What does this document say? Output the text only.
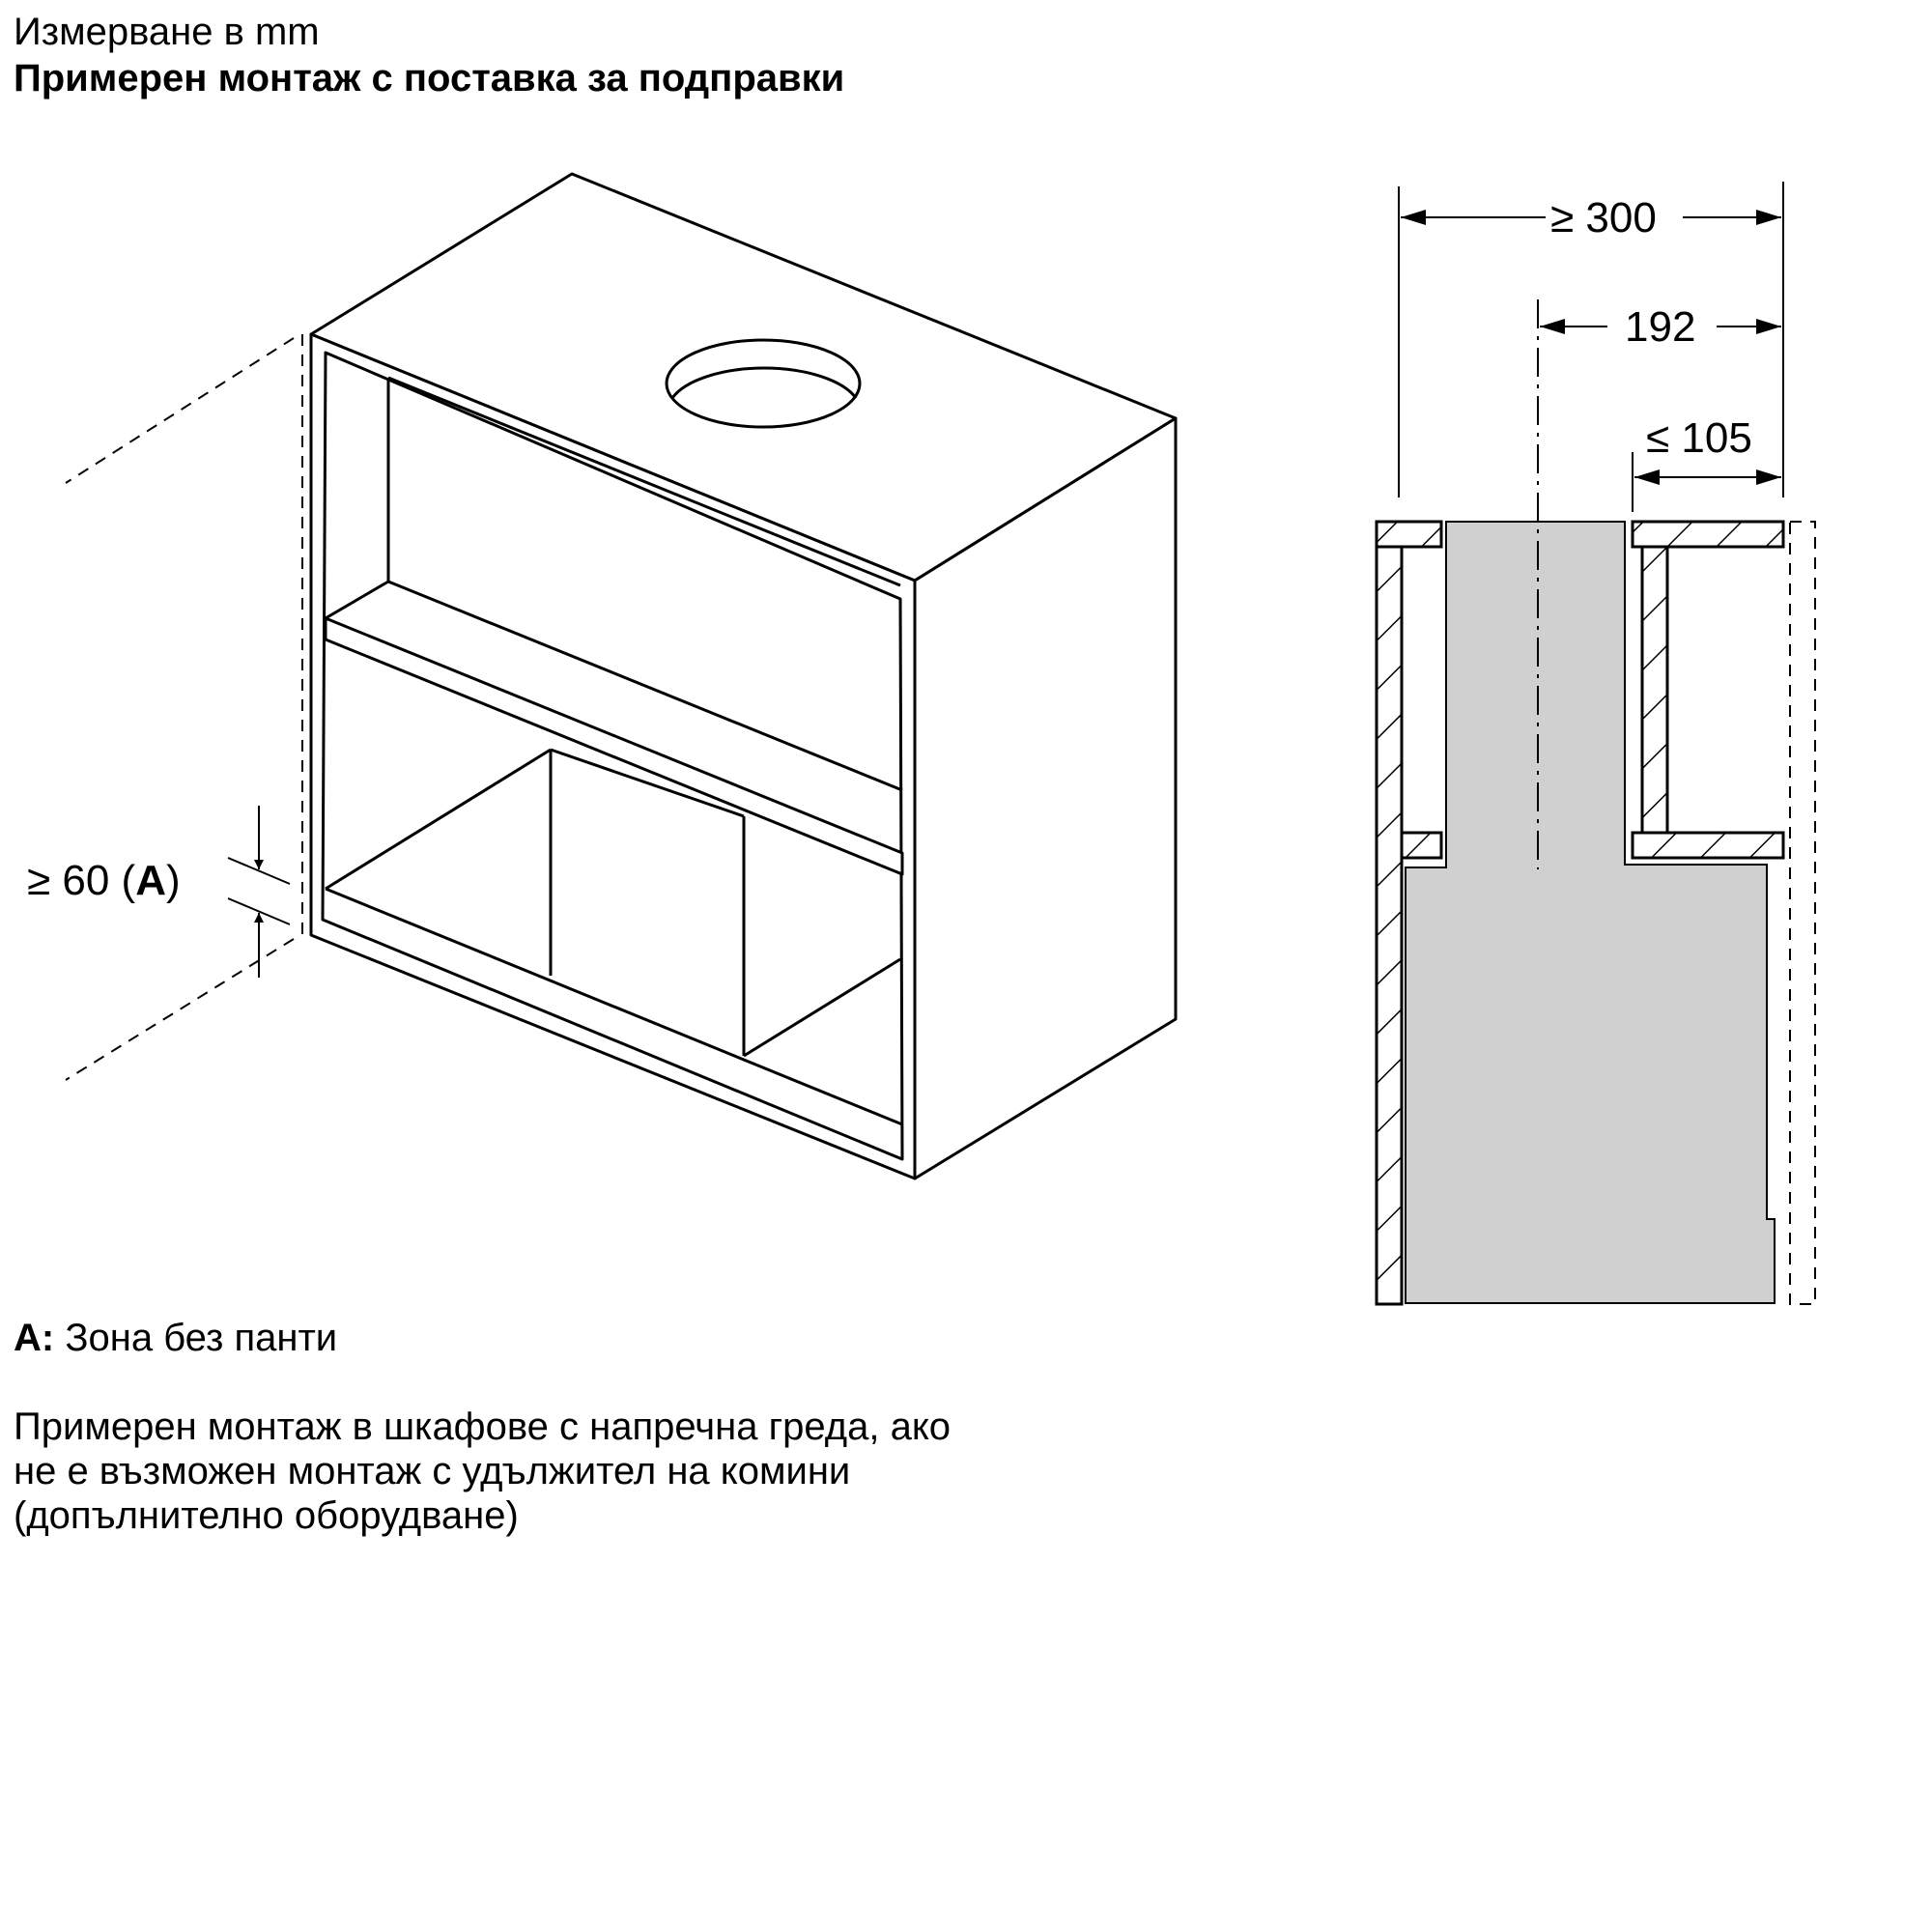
Измерване в mm
Примерен монтаж с поставка за подправки
≥ 60 (A)
≥ 300
192
≤ 105
A: Зона без панти
Примерен монтаж в шкафове с напречна греда, ако
не е възможен монтаж с удължител на комини
(допълнително оборудване)
